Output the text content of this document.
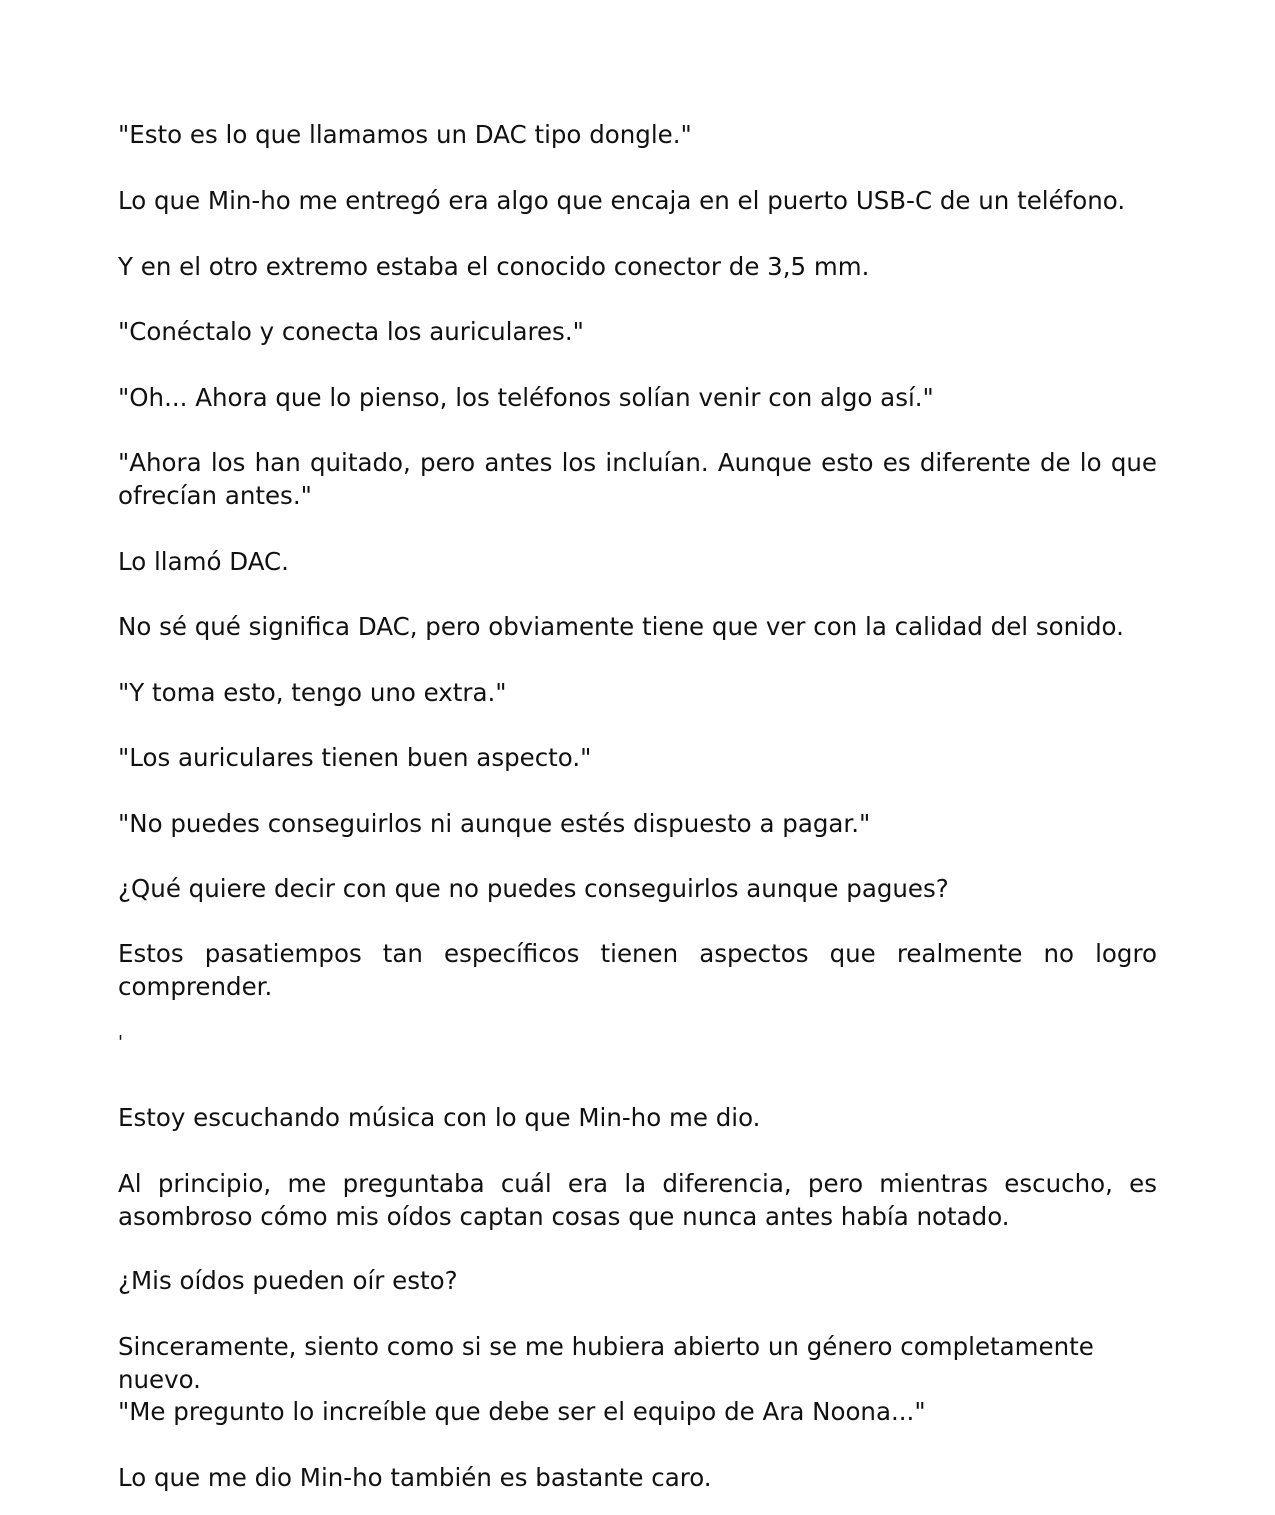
"Esto es lo que llamamos un DAC tipo dongle."

Lo que Min-ho me entregó era algo que encaja en el puerto USB-C de un teléfono.

Y en el otro extremo estaba el conocido conector de 3,5 mm.

"Conéctalo y conecta los auriculares."

"Oh... Ahora que lo pienso, los teléfonos solían venir con algo así."

"Ahora los han quitado, pero antes los incluían. Aunque esto es diferente de lo que ofrecían antes."

Lo llamó DAC.

No sé qué significa DAC, pero obviamente tiene que ver con la calidad del sonido.

"Y toma esto, tengo uno extra."

"Los auriculares tienen buen aspecto."

"No puedes conseguirlos ni aunque estés dispuesto a pagar."

¿Qué quiere decir con que no puedes conseguirlos aunque pagues?

Estos pasatiempos tan específicos tienen aspectos que realmente no logro comprender.

'

Estoy escuchando música con lo que Min-ho me dio.

Al principio, me preguntaba cuál era la diferencia, pero mientras escucho, es asombroso cómo mis oídos captan cosas que nunca antes había notado.

¿Mis oídos pueden oír esto?

Sinceramente, siento como si se me hubiera abierto un género completamente nuevo.

"Me pregunto lo increíble que debe ser el equipo de Ara Noona..."

Lo que me dio Min-ho también es bastante caro.
